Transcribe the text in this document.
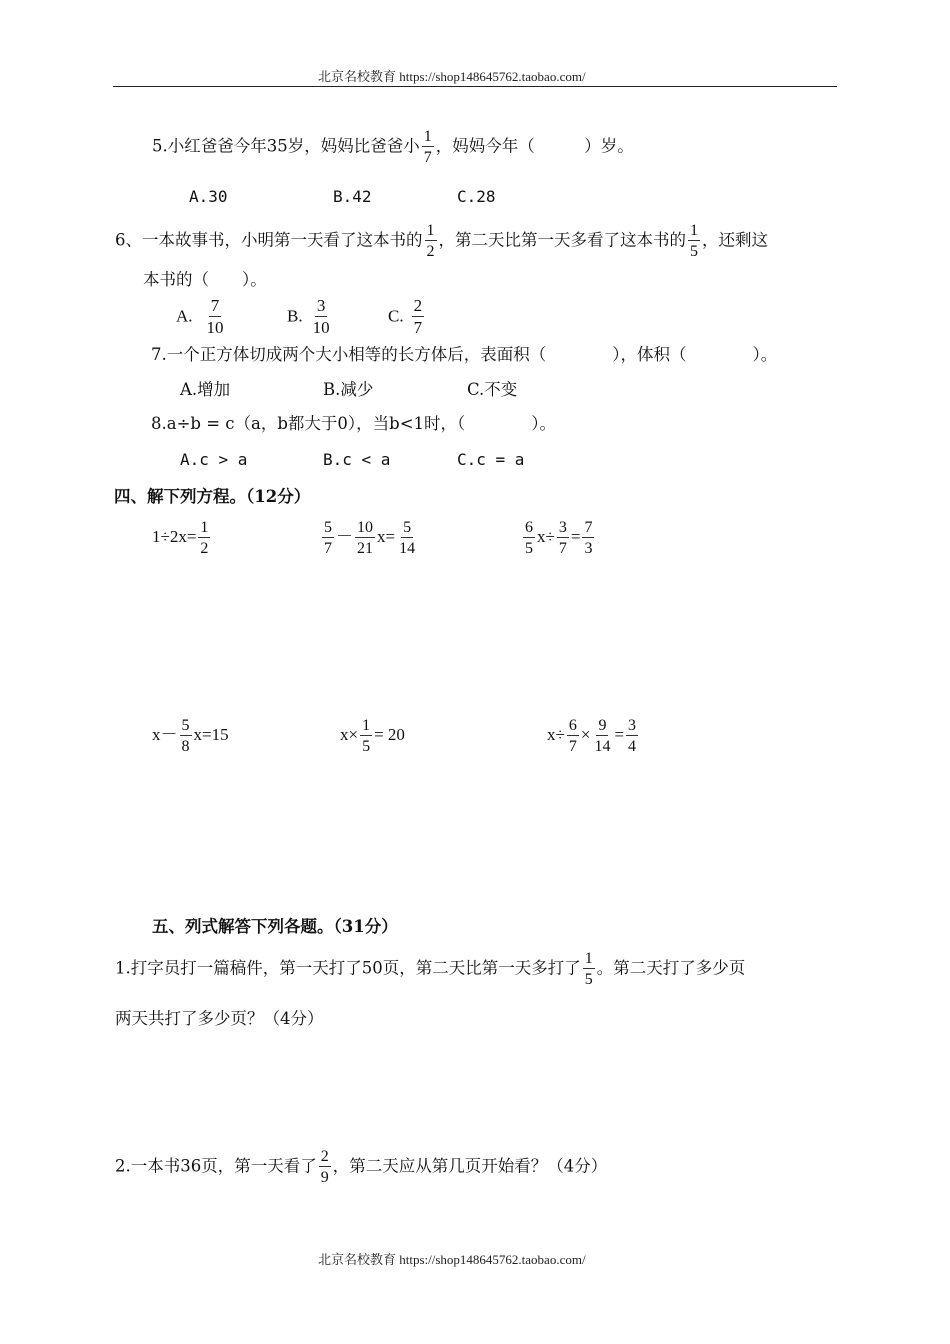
北京名校教育 https://shop148645762.taobao.com/
5.小红爸爸今年35岁，妈妈比爸爸小 $\frac{1}{7}$ ，妈妈今年（　　　）岁。
A.30	B.42	C.28
6、一本故事书，小明第一天看了这本书的 $\frac{1}{2}$ ，第二天比第一天多看了这本书的 $\frac{1}{5}$ ，还剩这
本书的（　　）。
A. $\frac{7}{10}$	B. $\frac{3}{10}$	C. $\frac{2}{7}$
7.一个正方体切成两个大小相等的长方体后，表面积（　　　　），体积（　　　　）。
A.增加	B.减少	C.不变
8.a÷b = c（a，b都大于0），当b<1时，（　　　　）。
A.c > a	B.c < a	C.c = a
四、解下列方程。（12分）
$1\div 2x= \frac{1}{2}$	$\frac{5}{7} - \frac{10}{21} x= \frac{5}{14}$	$\frac{6}{5} x\div \frac{3}{7} = \frac{7}{3}$
$x- \frac{5}{8} x=15$	$x\times \frac{1}{5} = 20$	$x\div \frac{6}{7} \times \frac{9}{14} = \frac{3}{4}$
五、列式解答下列各题。（31分）
1.打字员打一篇稿件，第一天打了50页，第二天比第一天多打了 $\frac{1}{5}$ 。第二天打了多少页
两天共打了多少页？（4分）
2.一本书36页，第一天看了 $\frac{2}{9}$ ，第二天应从第几页开始看？（4分）
北京名校教育 https://shop148645762.taobao.com/
